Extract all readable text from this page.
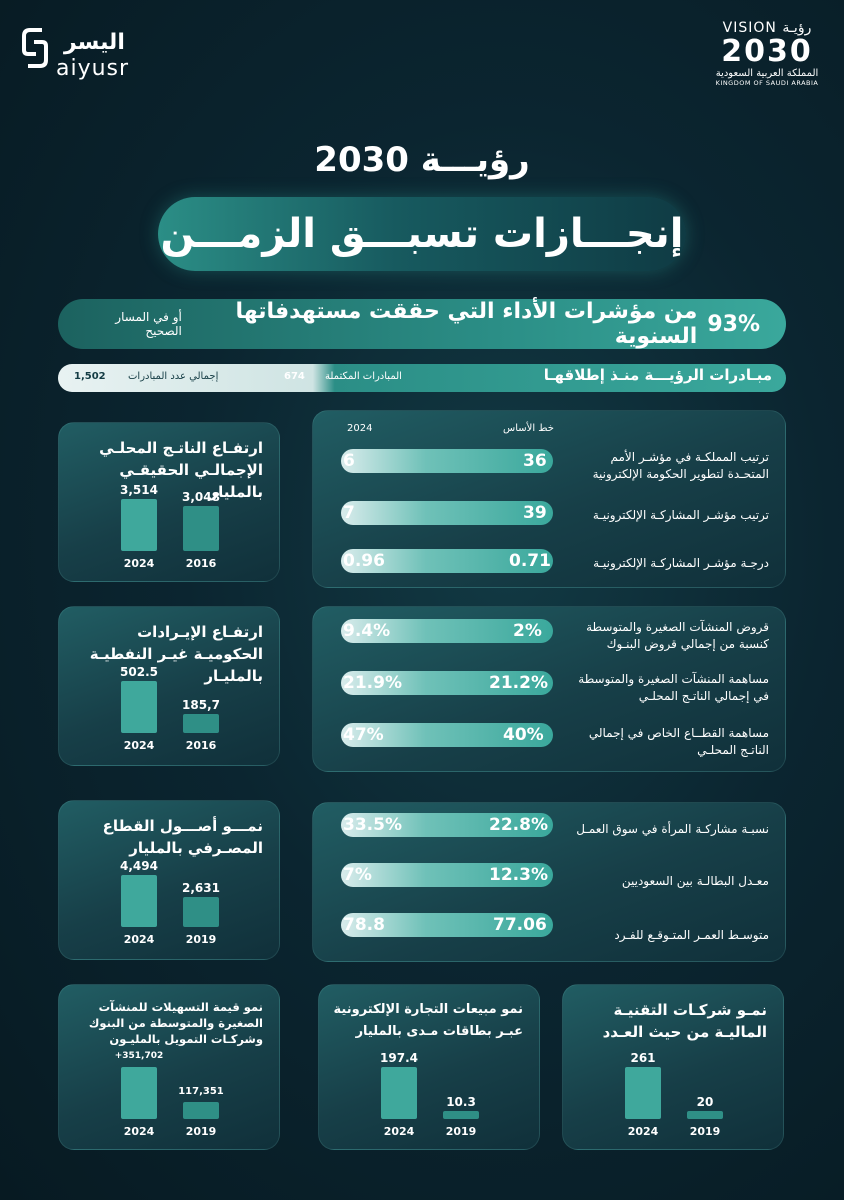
اليسر
aiyusr
VISION رؤيـة
2030
المملكة العربية السعودية
KINGDOM OF SAUDI ARABIA
رؤيـــة 2030
إنجـــازات تسبـــق الزمـــن
93%
من مؤشرات الأداء التي حققت مستهدفاتها السنوية
أو في المسار الصحيح
مبـادرات الرؤيـــة منـذ إطلاقهـا
المبادرات المكتملة
674
إجمالي عدد المبادرات
1,502
خط الأساس
2024
ترتيب المملكـة في مؤشـر الأمم المتحـدة لتطوير الحكومة الإلكترونية
6	36
ترتيب مؤشـر المشاركـة الإلكترونيـة
7	39
درجـة مؤشـر المشاركـة الإلكترونيـة
0.96	0.71
قروض المنشآت الصغيرة والمتوسطة كنسبة من إجمالي قروض البنـوك
9.4%	2%
مساهمة المنشآت الصغيرة والمتوسطة في إجمالي الناتـج المحلـي
21.9%	21.2%
مساهمة القطــاع الخاص في إجمالي الناتـج المحلـي
47%	40%
نسبـة مشاركـة المرأة في سوق العمـل
33.5%	22.8%
معـدل البطالـة بين السعوديين
7%	12.3%
متوسـط العمـر المتـوقـع للفـرد
78.8	77.06
ارتفـاع الناتـج المحلـي الإجمالـي الحقيقـي بالمليار
3,514	3,048
2024	2016
ارتفـاع الإيـرادات الحكوميـة غيـر النفطيـة بالمليـار
502.5
185,7
2024	2016
نمـــو أصـــول القطاع المصـرفي بالمليار
4,494
2,631
2024	2019
نمو قيمة التسهيلات للمنشآت الصغيرة والمتوسطة من البنوك وشركـات التمويل بالمليـون
+351,702
117,351
2024	2019
نمو مبيعات التجارة الإلكترونية عبـر بطاقات مـدى بالمليار
197.4
10.3
2024	2019
نمـو شركـات التقنيـة الماليـة من حيث العـدد
261
20
2024	2019
